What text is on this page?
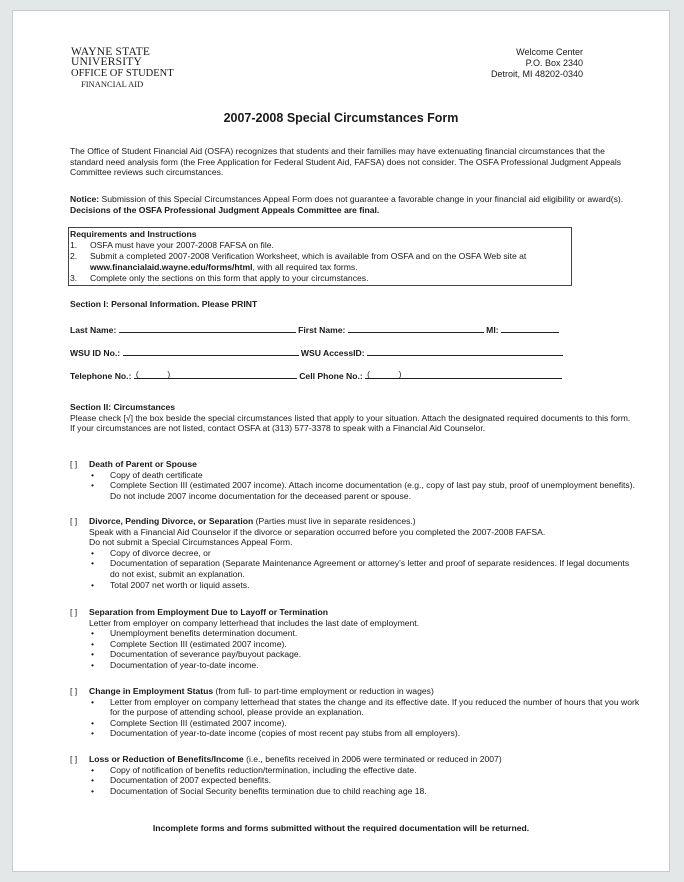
WAYNE STATE
UNIVERSITY
OFFICE OF STUDENT
FINANCIAL AID
Welcome Center
P.O. Box 2340
Detroit, MI 48202-0340
2007-2008 Special Circumstances Form
The Office of Student Financial Aid (OSFA) recognizes that students and their families may have extenuating financial circumstances that the standard need analysis form (the Free Application for Federal Student Aid, FAFSA) does not consider. The OSFA Professional Judgment Appeals Committee reviews such circumstances.
Notice: Submission of this Special Circumstances Appeal Form does not guarantee a favorable change in your financial aid eligibility or award(s). Decisions of the OSFA Professional Judgment Appeals Committee are final.
Requirements and Instructions
1. OSFA must have your 2007-2008 FAFSA on file.
2. Submit a completed 2007-2008 Verification Worksheet, which is available from OSFA and on the OSFA Web site at
www.financialaid.wayne.edu/forms/html, with all required tax forms.
3. Complete only the sections on this form that apply to your circumstances.
Section I: Personal Information. Please PRINT
Last Name:	First Name:	MI:
WSU ID No.:	WSU AccessID:
Telephone No.: (______)	Cell Phone No.: (______)
Section II: Circumstances
Please check [√] the box beside the special circumstances listed that apply to your situation. Attach the designated required documents to this form. If your circumstances are not listed, contact OSFA at (313) 577-3378 to speak with a Financial Aid Counselor.
[ ] Death of Parent or Spouse
• Copy of death certificate
• Complete Section III (estimated 2007 income). Attach income documentation (e.g., copy of last pay stub, proof of unemployment benefits). Do not include 2007 income documentation for the deceased parent or spouse.
[ ] Divorce, Pending Divorce, or Separation (Parties must live in separate residences.)
Speak with a Financial Aid Counselor if the divorce or separation occurred before you completed the 2007-2008 FAFSA.
Do not submit a Special Circumstances Appeal Form.
• Copy of divorce decree, or
• Documentation of separation (Separate Maintenance Agreement or attorney’s letter and proof of separate residences. If legal documents do not exist, submit an explanation.
• Total 2007 net worth or liquid assets.
[ ] Separation from Employment Due to Layoff or Termination
Letter from employer on company letterhead that includes the last date of employment.
• Unemployment benefits determination document.
• Complete Section III (estimated 2007 income).
• Documentation of severance pay/buyout package.
• Documentation of year-to-date income.
[ ] Change in Employment Status (from full- to part-time employment or reduction in wages)
• Letter from employer on company letterhead that states the change and its effective date. If you reduced the number of hours that you work for the purpose of attending school, please provide an explanation.
• Complete Section III (estimated 2007 income).
• Documentation of year-to-date income (copies of most recent pay stubs from all employers).
[ ] Loss or Reduction of Benefits/Income (i.e., benefits received in 2006 were terminated or reduced in 2007)
• Copy of notification of benefits reduction/termination, including the effective date.
• Documentation of 2007 expected benefits.
• Documentation of Social Security benefits termination due to child reaching age 18.
Incomplete forms and forms submitted without the required documentation will be returned.
